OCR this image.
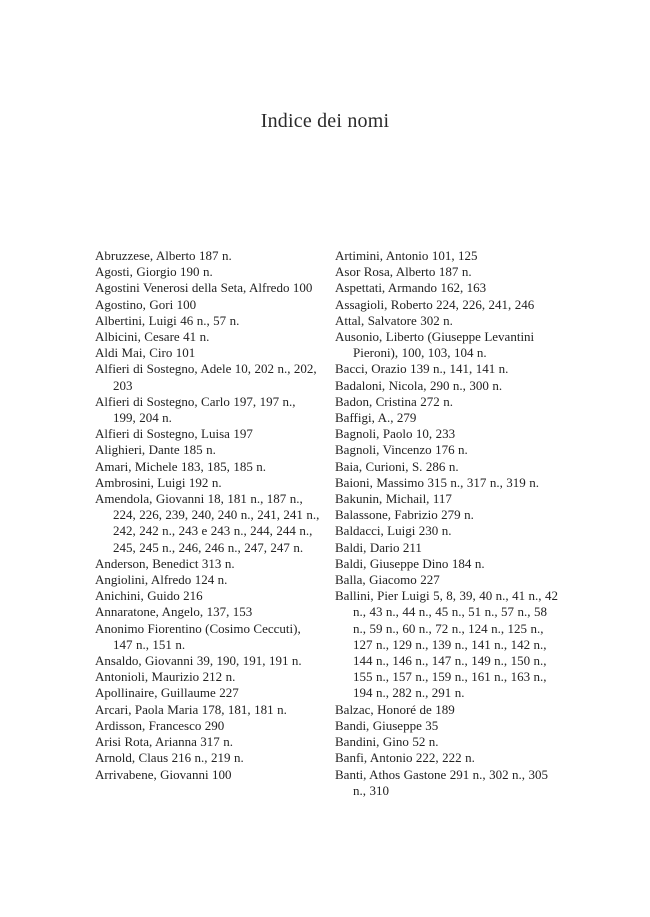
Indice dei nomi
Abruzzese, Alberto 187 n.
Agosti, Giorgio 190 n.
Agostini Venerosi della Seta, Alfredo 100
Agostino, Gori 100
Albertini, Luigi 46 n., 57 n.
Albicini, Cesare 41 n.
Aldi Mai, Ciro 101
Alfieri di Sostegno, Adele 10, 202 n., 202, 203
Alfieri di Sostegno, Carlo 197, 197 n., 199, 204 n.
Alfieri di Sostegno, Luisa 197
Alighieri, Dante 185 n.
Amari, Michele 183, 185, 185 n.
Ambrosini, Luigi 192 n.
Amendola, Giovanni 18, 181 n., 187 n., 224, 226, 239, 240, 240 n., 241, 241 n., 242, 242 n., 243 e 243 n., 244, 244 n., 245, 245 n., 246, 246 n., 247, 247 n.
Anderson, Benedict 313 n.
Angiolini, Alfredo 124 n.
Anichini, Guido 216
Annaratone, Angelo, 137, 153
Anonimo Fiorentino (Cosimo Ceccuti), 147 n., 151 n.
Ansaldo, Giovanni 39, 190, 191, 191 n.
Antonioli, Maurizio 212 n.
Apollinaire, Guillaume 227
Arcari, Paola Maria 178, 181, 181 n.
Ardisson, Francesco 290
Arisi Rota, Arianna 317 n.
Arnold, Claus 216 n., 219 n.
Arrivabene, Giovanni 100
Artimini, Antonio 101, 125
Asor Rosa, Alberto 187 n.
Aspettati, Armando 162, 163
Assagioli, Roberto 224, 226, 241, 246
Attal, Salvatore 302 n.
Ausonio, Liberto (Giuseppe Levantini Pieroni), 100, 103, 104 n.
Bacci, Orazio 139 n., 141, 141 n.
Badaloni, Nicola, 290 n., 300 n.
Badon, Cristina 272 n.
Baffigi, A., 279
Bagnoli, Paolo 10, 233
Bagnoli, Vincenzo 176 n.
Baia, Curioni, S. 286 n.
Baioni, Massimo 315 n., 317 n., 319 n.
Bakunin, Michail, 117
Balassone, Fabrizio 279 n.
Baldacci, Luigi 230 n.
Baldi, Dario 211
Baldi, Giuseppe Dino 184 n.
Balla, Giacomo 227
Ballini, Pier Luigi 5, 8, 39, 40 n., 41 n., 42 n., 43 n., 44 n., 45 n., 51 n., 57 n., 58 n., 59 n., 60 n., 72 n., 124 n., 125 n., 127 n., 129 n., 139 n., 141 n., 142 n., 144 n., 146 n., 147 n., 149 n., 150 n., 155 n., 157 n., 159 n., 161 n., 163 n., 194 n., 282 n., 291 n.
Balzac, Honoré de 189
Bandi, Giuseppe 35
Bandini, Gino 52 n.
Banfi, Antonio 222, 222 n.
Banti, Athos Gastone 291 n., 302 n., 305 n., 310
